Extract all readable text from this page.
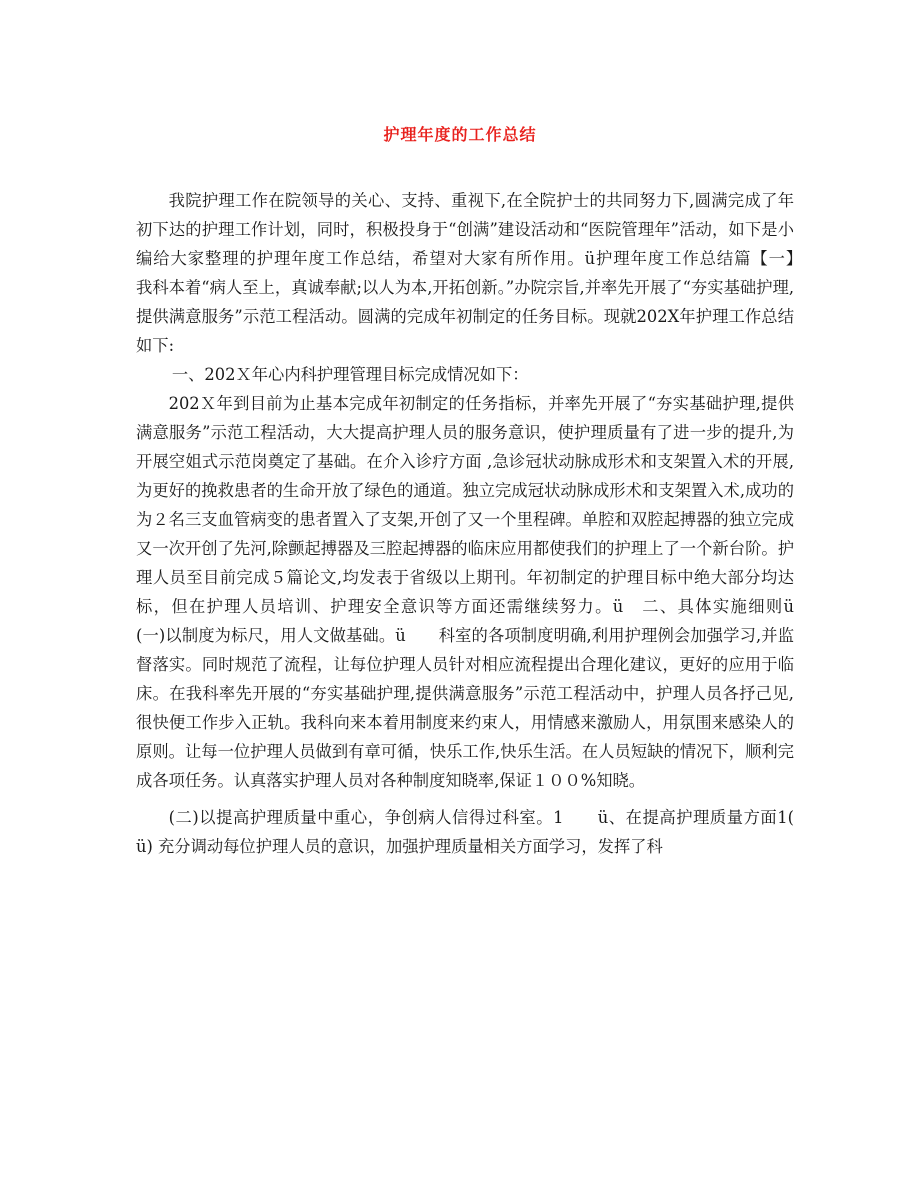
护理年度的工作总结

我院护理工作在院领导的关心、支持、重视下,在全院护士的共同努力下,圆满完成了年初下达的护理工作计划，同时，积极投身于“创满”建设活动和“医院管理年”活动，如下是小编给大家整理的护理年度工作总结，希望对大家有所作用。ü护理年度工作总结篇【一】　　我科本着“病人至上，真诚奉献;以人为本,开拓创新。”办院宗旨,并率先开展了“夯实基础护理,提供满意服务”示范工程活动。圆满的完成年初制定的任务目标。现就202X年护理工作总结如下:

一、202Ｘ年心内科护理管理目标完成情况如下：

202Ｘ年到目前为止基本完成年初制定的任务指标，并率先开展了“夯实基础护理,提供满意服务”示范工程活动，大大提高护理人员的服务意识，使护理质量有了进一步的提升,为开展空姐式示范岗奠定了基础。在介入诊疗方面 ,急诊冠状动脉成形术和支架置入术的开展,为更好的挽救患者的生命开放了绿色的通道。独立完成冠状动脉成形术和支架置入术,成功的为２名三支血管病变的患者置入了支架,开创了又一个里程碑。单腔和双腔起搏器的独立完成又一次开创了先河,除颤起搏器及三腔起搏器的临床应用都使我们的护理上了一个新台阶。护理人员至目前完成５篇论文,均发表于省级以上期刊。年初制定的护理目标中绝大部分均达标，但在护理人员培训、护理安全意识等方面还需继续努力。ü　二、具体实施细则ü　　(一)以制度为标尺，用人文做基础。ü　　科室的各项制度明确,利用护理例会加强学习,并监督落实。同时规范了流程，让每位护理人员针对相应流程提出合理化建议，更好的应用于临床。在我科率先开展的“夯实基础护理,提供满意服务”示范工程活动中，护理人员各抒己见,很快便工作步入正轨。我科向来本着用制度来约束人，用情感来激励人，用氛围来感染人的原则。让每一位护理人员做到有章可循，快乐工作,快乐生活。在人员短缺的情况下，顺利完成各项任务。认真落实护理人员对各种制度知晓率,保证１００%知晓。

(二)以提高护理质量中重心，争创病人信得过科室。1　　ü、在提高护理质量方面1(　ü) 充分调动每位护理人员的意识，加强护理质量相关方面学习，发挥了科
